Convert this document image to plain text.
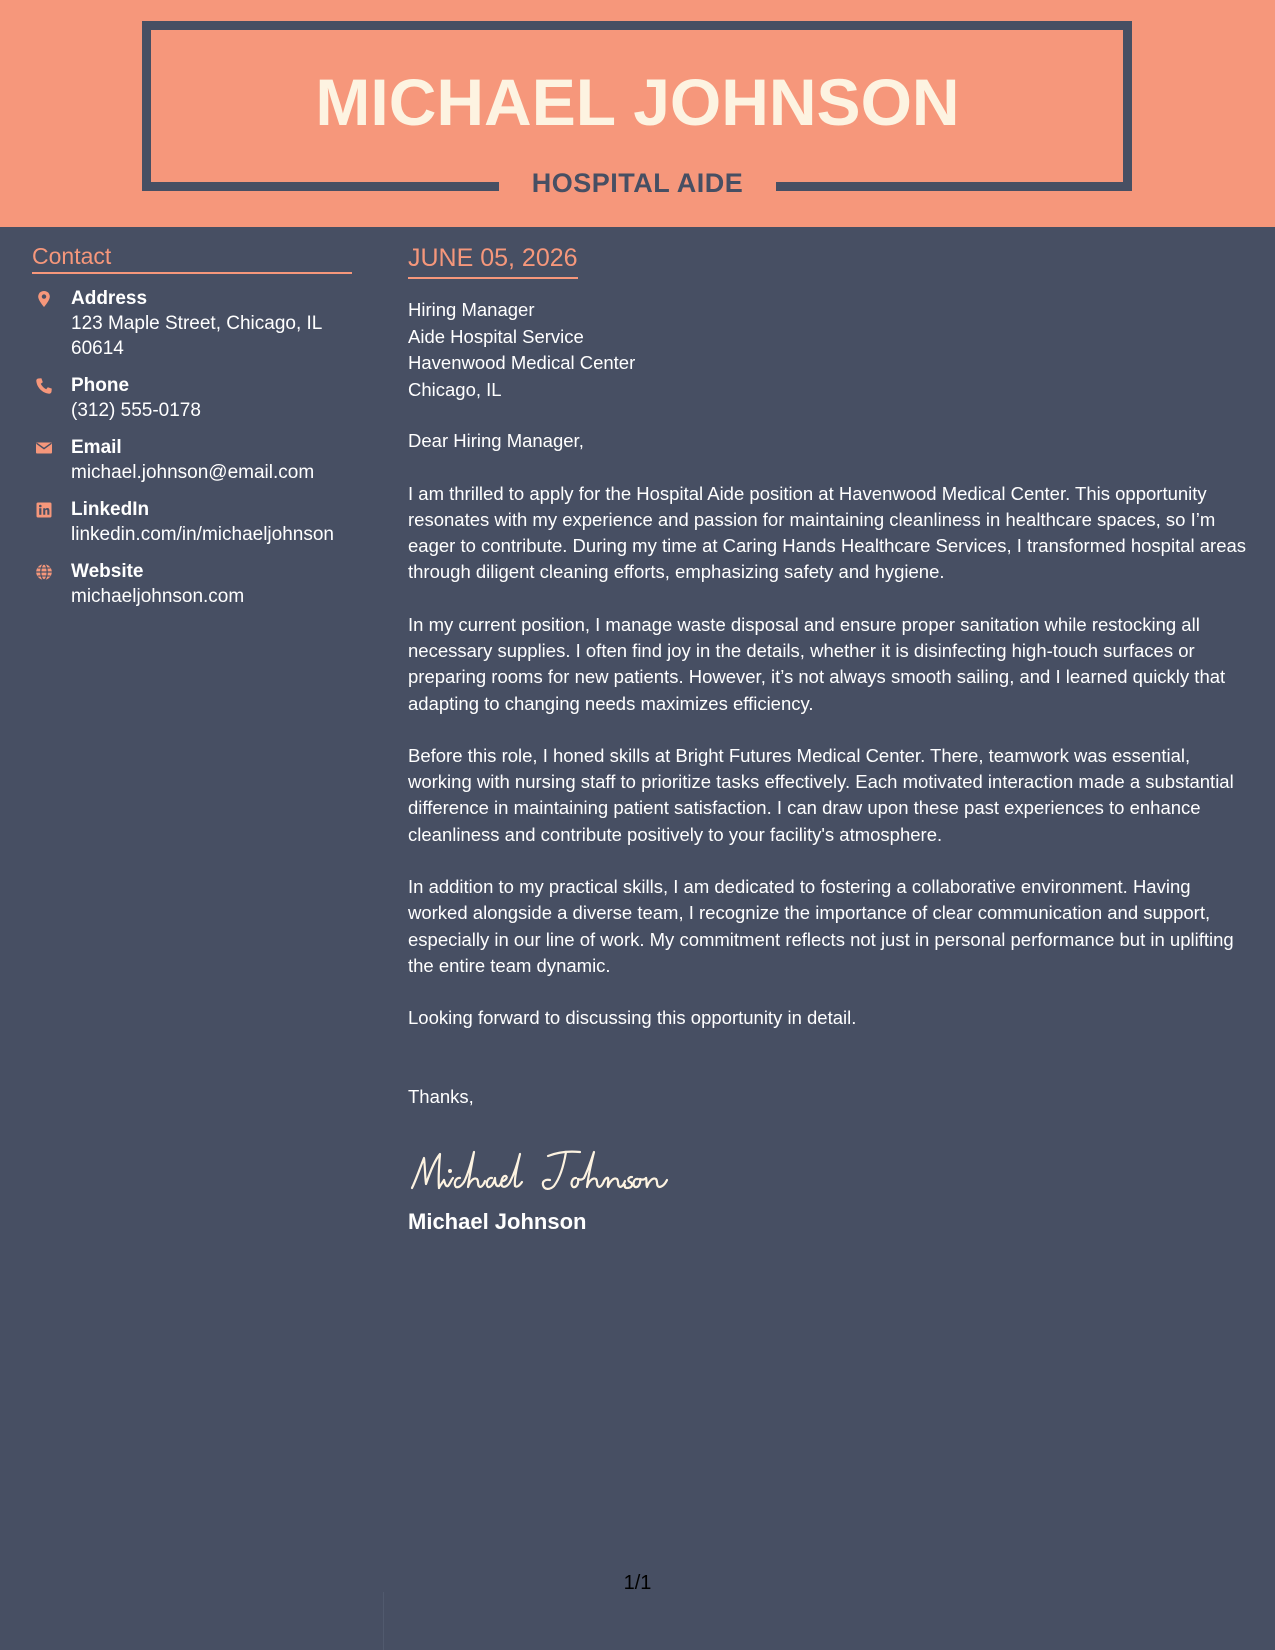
MICHAEL JOHNSON
HOSPITAL AIDE
Contact
Address
123 Maple Street, Chicago, IL
60614
Phone
(312) 555-0178
Email
michael.johnson@email.com
LinkedIn
linkedin.com/in/michaeljohnson
Website
michaeljohnson.com
JUNE 05, 2026
Hiring Manager
Aide Hospital Service
Havenwood Medical Center
Chicago, IL
Dear Hiring Manager,
I am thrilled to apply for the Hospital Aide position at Havenwood Medical Center. This opportunity resonates with my experience and passion for maintaining cleanliness in healthcare spaces, so I’m eager to contribute. During my time at Caring Hands Healthcare Services, I transformed hospital areas through diligent cleaning efforts, emphasizing safety and hygiene.
In my current position, I manage waste disposal and ensure proper sanitation while restocking all necessary supplies. I often find joy in the details, whether it is disinfecting high-touch surfaces or preparing rooms for new patients. However, it’s not always smooth sailing, and I learned quickly that adapting to changing needs maximizes efficiency.
Before this role, I honed skills at Bright Futures Medical Center. There, teamwork was essential, working with nursing staff to prioritize tasks effectively. Each motivated interaction made a substantial difference in maintaining patient satisfaction. I can draw upon these past experiences to enhance cleanliness and contribute positively to your facility's atmosphere.
In addition to my practical skills, I am dedicated to fostering a collaborative environment. Having worked alongside a diverse team, I recognize the importance of clear communication and support, especially in our line of work. My commitment reflects not just in personal performance but in uplifting the entire team dynamic.
Looking forward to discussing this opportunity in detail.
Thanks,
Michael Johnson
1/1
